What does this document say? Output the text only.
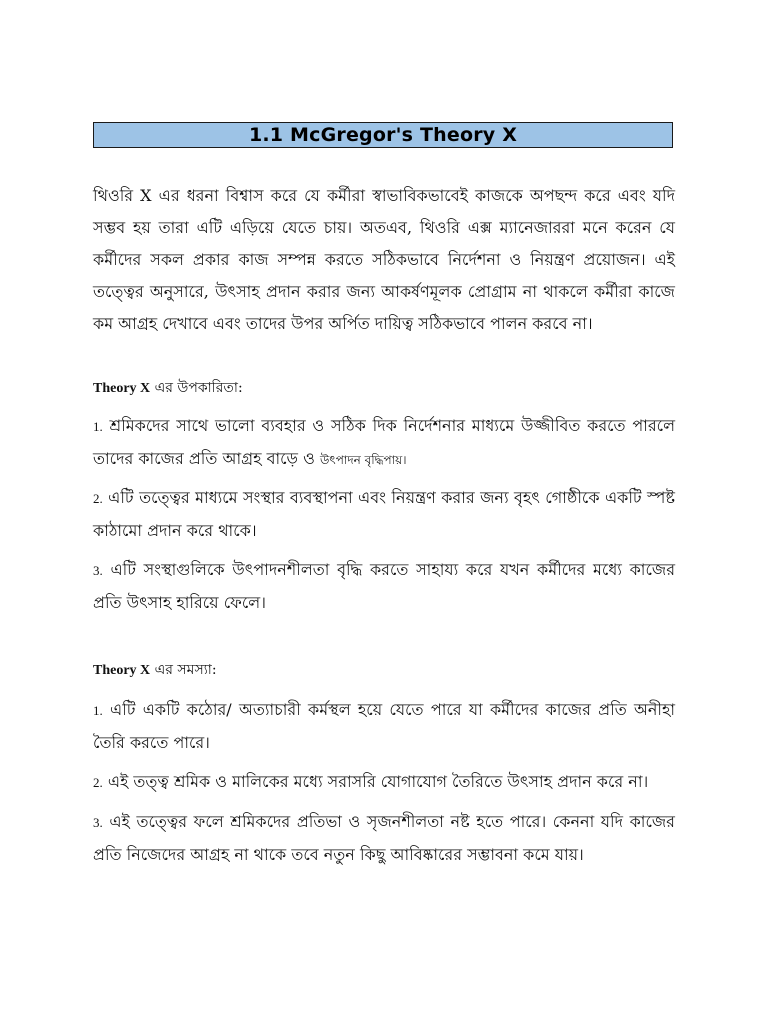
1.1 McGregor's Theory X

থিওরি X এর ধরনা বিশ্বাস করে যে কর্মীরা স্বাভাবিকভাবেই কাজকে অপছন্দ করে এবং যদি সম্ভব হয় তারা এটি এড়িয়ে যেতে চায়। অতএব, থিওরি এক্স ম্যানেজাররা মনে করেন যে কর্মীদের সকল প্রকার কাজ সম্পন্ন করতে সঠিকভাবে নির্দেশনা ও নিয়ন্ত্রণ প্রয়োজন। এই তত্ত্বের অনুসারে, উৎসাহ প্রদান করার জন্য আকর্ষণমূলক প্রোগ্রাম না থাকলে কর্মীরা কাজে কম আগ্রহ দেখাবে এবং তাদের উপর অর্পিত দায়িত্ব সঠিকভাবে পালন করবে না।

Theory X এর উপকারিতা:

1. শ্রমিকদের সাথে ভালো ব্যবহার ও সঠিক দিক নির্দেশনার মাধ্যমে উজ্জীবিত করতে পারলে তাদের কাজের প্রতি আগ্রহ বাড়ে ও উৎপাদন বৃদ্ধিপায়।

2. এটি তত্ত্বের মাধ্যমে সংস্থার ব্যবস্থাপনা এবং নিয়ন্ত্রণ করার জন্য বৃহৎ গোষ্ঠীকে একটি স্পষ্ট কাঠামো প্রদান করে থাকে।

3. এটি সংস্থাগুলিকে উৎপাদনশীলতা বৃদ্ধি করতে সাহায্য করে যখন কর্মীদের মধ্যে কাজের প্রতি উৎসাহ হারিয়ে ফেলে।

Theory X এর সমস্যা:

1. এটি একটি কঠোর/ অত্যাচারী কর্মস্থল হয়ে যেতে পারে যা কর্মীদের কাজের প্রতি অনীহা তৈরি করতে পারে।

2. এই তত্ত্ব শ্রমিক ও মালিকের মধ্যে সরাসরি যোগাযোগ তৈরিতে উৎসাহ প্রদান করে না।

3. এই তত্ত্বের ফলে শ্রমিকদের প্রতিভা ও সৃজনশীলতা নষ্ট হতে পারে। কেননা যদি কাজের প্রতি নিজেদের আগ্রহ না থাকে তবে নতুন কিছু আবিষ্কারের সম্ভাবনা কমে যায়।
